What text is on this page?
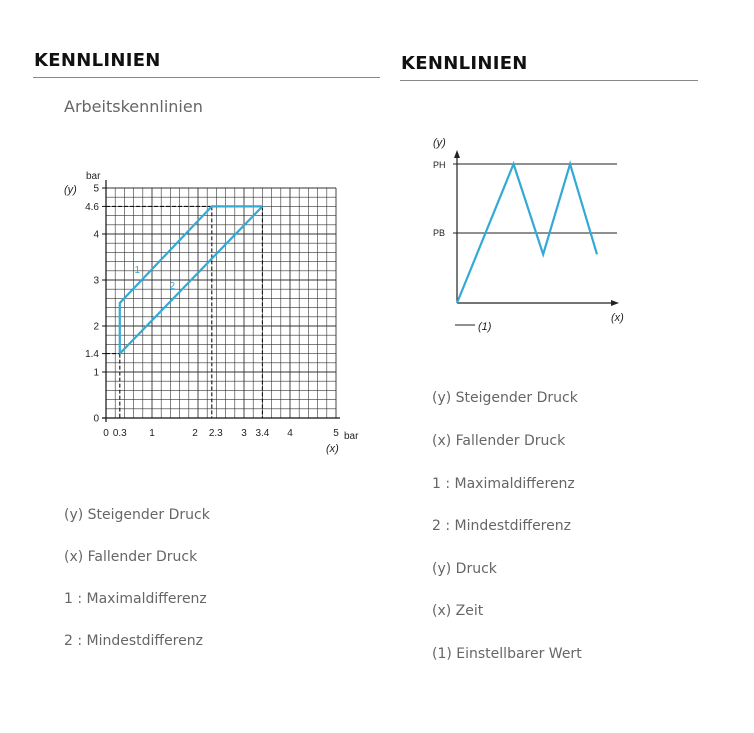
KENNLINIEN
Arbeitskennlinien
0
1
1.4
2
3
4
4.6
5
0 0.3 1	2 2.3 3 3.4 4	5
bar
(y)
bar
(x)
1
2
(y) Steigender Druck
(x) Fallender Druck
1 : Maximaldifferenz
2 : Mindestdifferenz
KENNLINIEN
(y)
(x)
PH
PB
(1)
(y) Steigender Druck
(x) Fallender Druck
1 : Maximaldifferenz
2 : Mindestdifferenz
(y) Druck
(x) Zeit
(1) Einstellbarer Wert
